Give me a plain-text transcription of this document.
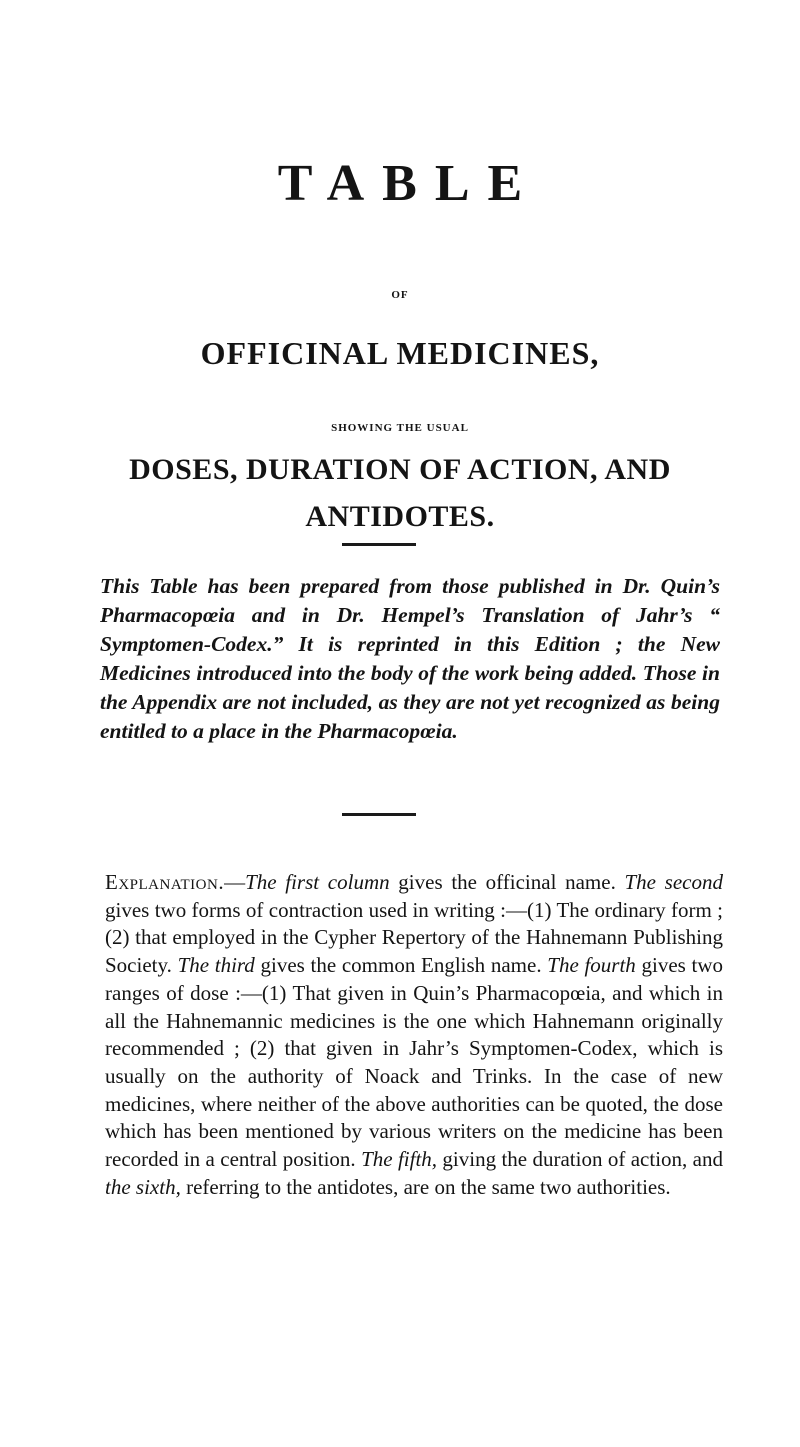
TABLE
OF
OFFICINAL MEDICINES,
SHOWING THE USUAL
DOSES, DURATION OF ACTION, AND
ANTIDOTES.

This Table has been prepared from those published in Dr. Quin’s Pharmacopœia and in Dr. Hempel’s Translation of Jahr’s “ Symptomen-Codex.” It is reprinted in this Edition ; the New Medicines introduced into the body of the work being added. Those in the Appendix are not included, as they are not yet recognized as being entitled to a place in the Pharmacopœia.

Explanation.—The first column gives the officinal name. The second gives two forms of contraction used in writing :—(1) The ordinary form ; (2) that employed in the Cypher Repertory of the Hahnemann Publishing Society. The third gives the common English name. The fourth gives two ranges of dose :—(1) That given in Quin’s Pharmacopœia, and which in all the Hahnemannic medicines is the one which Hahnemann originally recommended ; (2) that given in Jahr’s Symptomen-Codex, which is usually on the authority of Noack and Trinks. In the case of new medicines, where neither of the above authorities can be quoted, the dose which has been mentioned by various writers on the medicine has been recorded in a central position. The fifth, giving the duration of action, and the sixth, referring to the antidotes, are on the same two authorities.
